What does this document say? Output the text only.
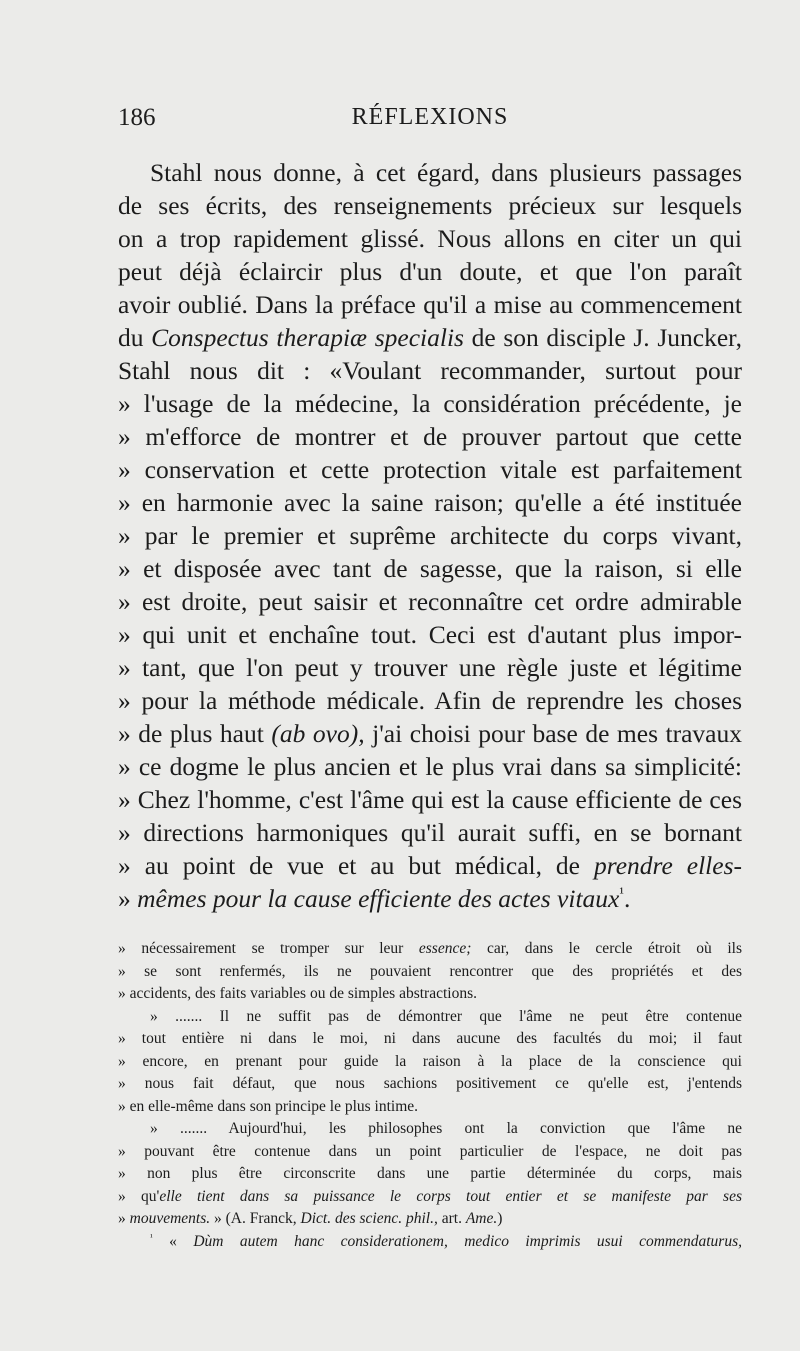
186	RÉFLEXIONS
Stahl nous donne, à cet égard, dans plusieurs passages
de ses écrits, des renseignements précieux sur lesquels
on a trop rapidement glissé. Nous allons en citer un qui
peut déjà éclaircir plus d'un doute, et que l'on paraît
avoir oublié. Dans la préface qu'il a mise au commencement
du Conspectus therapiæ specialis de son disciple J. Juncker,
Stahl nous dit : «Voulant recommander, surtout pour
» l'usage de la médecine, la considération précédente, je
» m'efforce de montrer et de prouver partout que cette
» conservation et cette protection vitale est parfaitement
» en harmonie avec la saine raison; qu'elle a été instituée
» par le premier et suprême architecte du corps vivant,
» et disposée avec tant de sagesse, que la raison, si elle
» est droite, peut saisir et reconnaître cet ordre admirable
» qui unit et enchaîne tout. Ceci est d'autant plus impor-
» tant, que l'on peut y trouver une règle juste et légitime
» pour la méthode médicale. Afin de reprendre les choses
» de plus haut (ab ovo), j'ai choisi pour base de mes travaux
» ce dogme le plus ancien et le plus vrai dans sa simplicité:
» Chez l'homme, c'est l'âme qui est la cause efficiente de ces
» directions harmoniques qu'il aurait suffi, en se bornant
» au point de vue et au but médical, de prendre elles-
» mêmes pour la cause efficiente des actes vitaux$^{^1}$.
» nécessairement se tromper sur leur essence; car, dans le cercle étroit où ils
» se sont renfermés, ils ne pouvaient rencontrer que des propriétés et des
» accidents, des faits variables ou de simples abstractions.
» ....... Il ne suffit pas de démontrer que l'âme ne peut être contenue
» tout entière ni dans le moi, ni dans aucune des facultés du moi; il faut
» encore, en prenant pour guide la raison à la place de la conscience qui
» nous fait défaut, que nous sachions positivement ce qu'elle est, j'entends
» en elle-même dans son principe le plus intime.
» ....... Aujourd'hui, les philosophes ont la conviction que l'âme ne
» pouvant être contenue dans un point particulier de l'espace, ne doit pas
» non plus être circonscrite dans une partie déterminée du corps, mais
» qu'elle tient dans sa puissance le corps tout entier et se manifeste par ses
» mouvements. » (A. Franck, Dict. des scienc. phil., art. Ame.)
$^{^1}$ « Dùm autem hanc considerationem, medico imprimis usui commendaturus,
